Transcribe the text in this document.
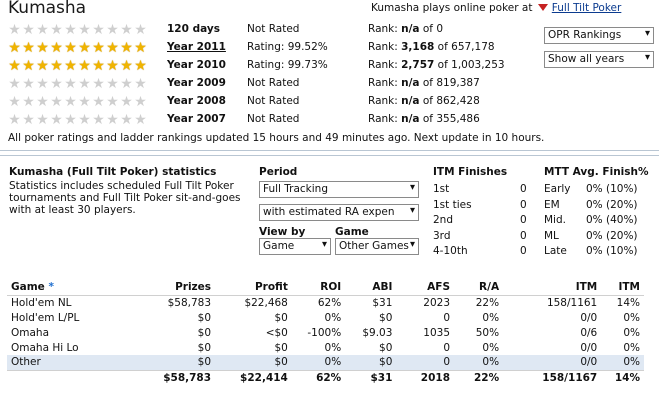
Kumasha	Kumasha plays online poker at Full Tilt Poker
OPR Rankings ▾
Show all years ▾
★ ★ ★ ★ ★ ★ ★ ★ ★ ★ 120 days	Not Rated	Rank: n/a of 0
★ ★ ★ ★ ★ ★ ★ ★ ★ ★ Year 2011 Rating: 99.52%	Rank: 3,168 of 657,178
★ ★ ★ ★ ★ ★ ★ ★ ★ ★ Year 2010 Rating: 99.73%	Rank: 2,757 of 1,003,253
★ ★ ★ ★ ★ ★ ★ ★ ★ ★ Year 2009 Not Rated	Rank: n/a of 819,387
★ ★ ★ ★ ★ ★ ★ ★ ★ ★ Year 2008 Not Rated	Rank: n/a of 862,428
★ ★ ★ ★ ★ ★ ★ ★ ★ ★ Year 2007 Not Rated	Rank: n/a of 355,486
All poker ratings and ladder rankings updated 15 hours and 49 minutes ago. Next update in 10 hours.
Kumasha (Full Tilt Poker) statistics
Statistics includes scheduled Full Tilt Poker tournaments and Full Tilt Poker sit-and-goes with at least 30 players.
Period
Full Tracking	▾
with estimated RA expen ▾
View by	Game
Game	▾	Other Games ▾
ITM Finishes
1st	0
1st ties	0
2nd	0
3rd	0
4-10th	0
MTT Avg. Finish%
Early 0% (10%)
EM	0% (20%)
Mid. 0% (40%)
ML	0% (20%)
Late 0% (10%)
Game *	Prizes	Profit	ROI	ABI	AFS	R/A	ITM	ITM
Hold'em NL	$58,783	$22,468	62%	$31	2023	22%	158/1161	14%
Hold'em L/PL	$0	$0	0%	$0	0	0%	0/0	0%
Omaha	$0	<$0	-100%	$9.03	1035	50%	0/6	0%
Omaha Hi Lo	$0	$0	0%	$0	0	0%	0/0	0%
Other	$0	$0	0%	$0	0	0%	0/0	0%
	$58,783	$22,414	62%	$31	2018	22%	158/1167	14%
